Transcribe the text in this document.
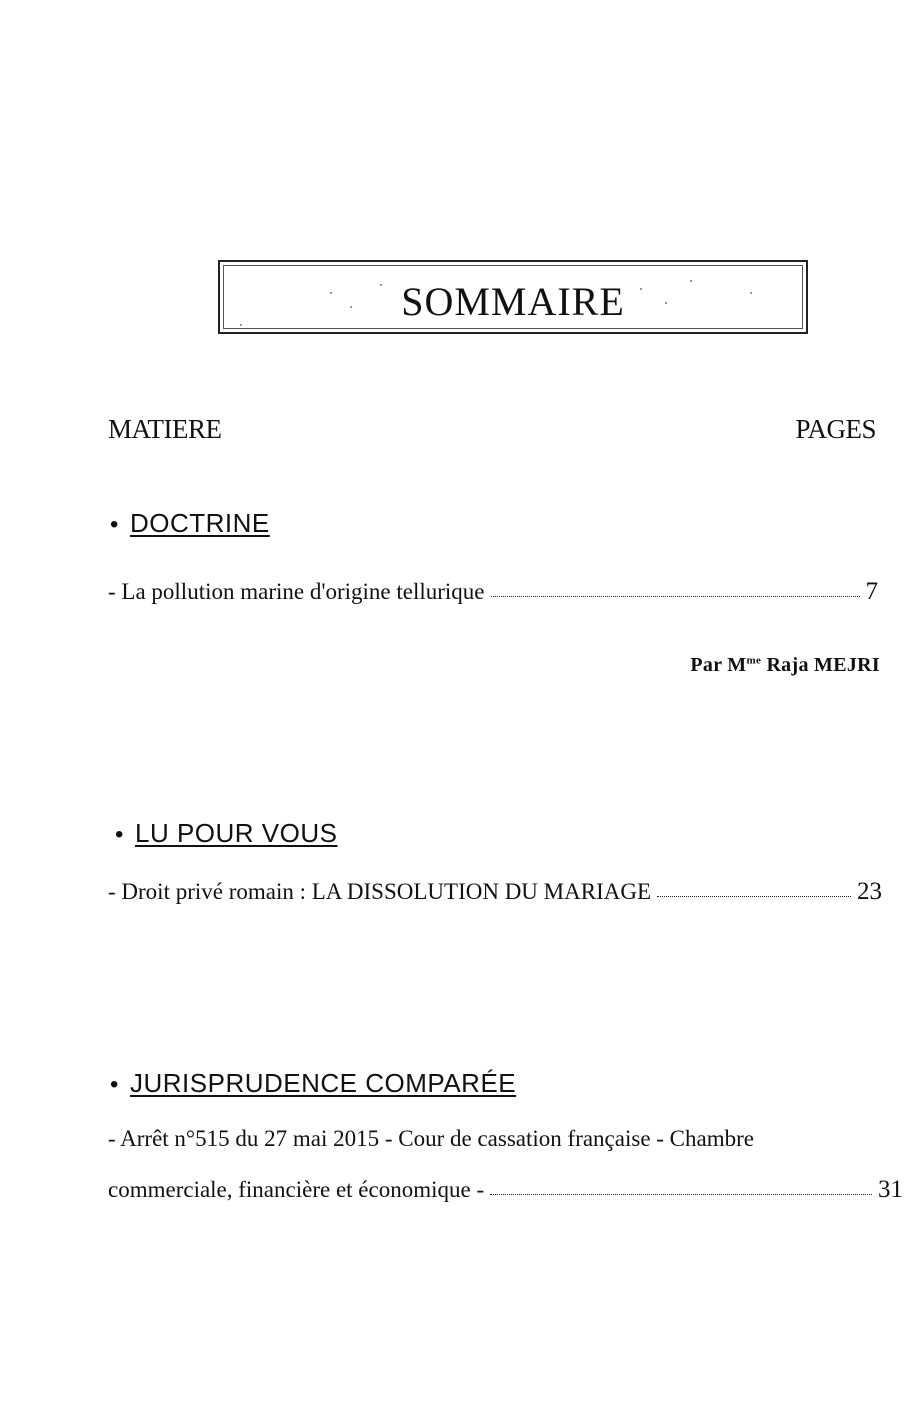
SOMMAIRE
MATIERE	PAGES
• DOCTRINE
- La pollution marine d'origine tellurique	7
Par $M^{me}$ Raja MEJRI
• LU POUR VOUS
- Droit privé romain : LA DISSOLUTION DU MARIAGE	23
• JURISPRUDENCE COMPARÉE
- Arrêt n°515 du 27 mai 2015 - Cour de cassation française - Chambre
commerciale, financière et économique -	31
